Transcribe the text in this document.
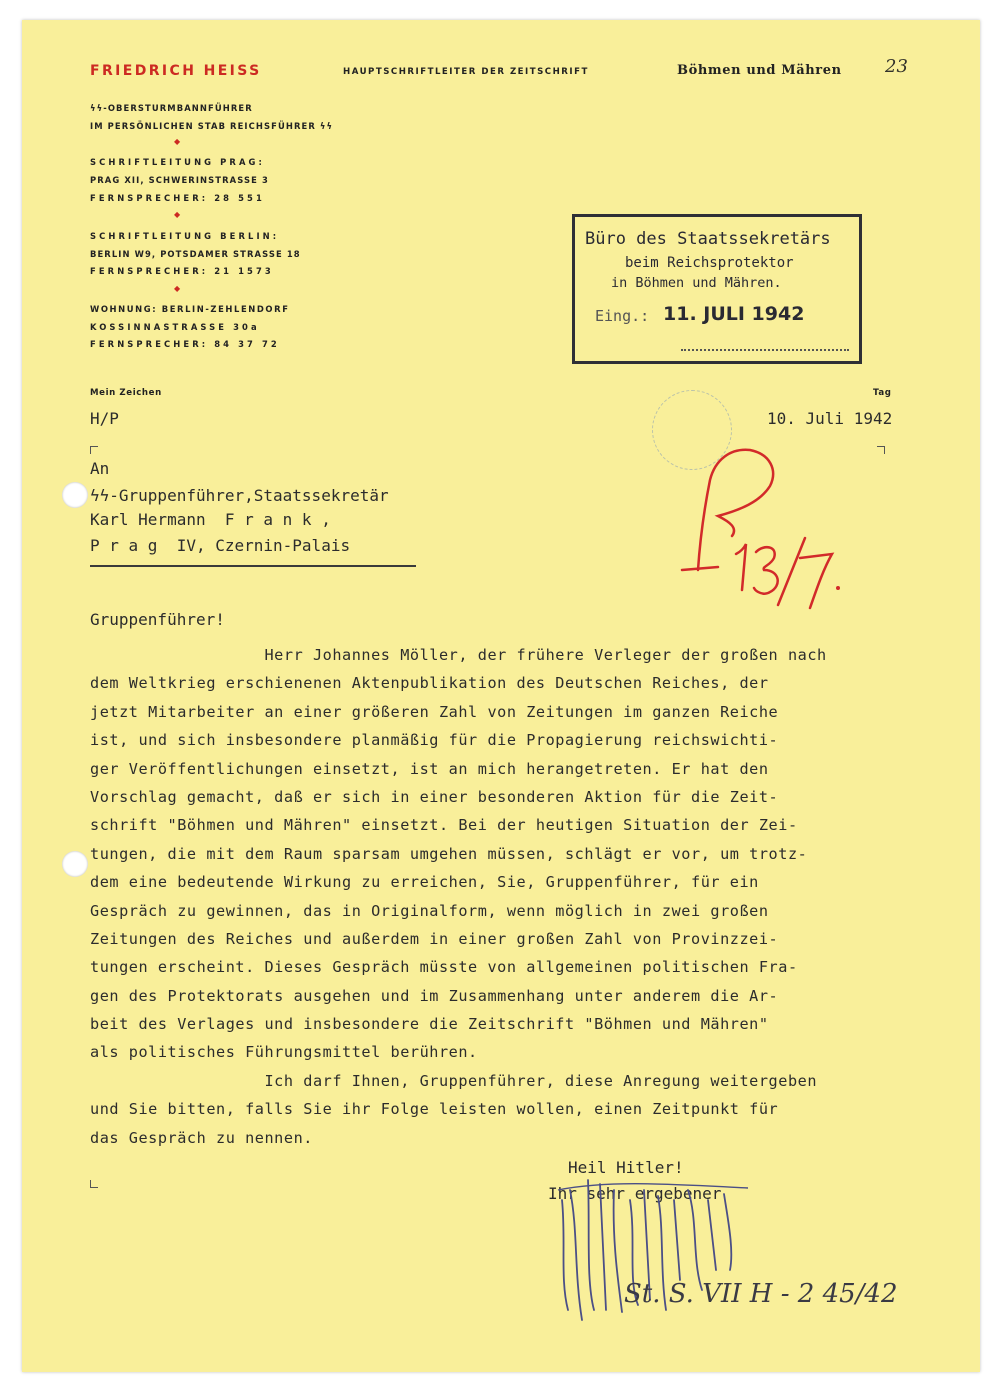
FRIEDRICH HEISS	HAUPTSCHRIFTLEITER DER ZEITSCHRIFT	Böhmen und Mähren 23
ϟϟ-OBERSTURMBANNFÜHRER
IM PERSÖNLICHEN STAB REICHSFÜHRER ϟϟ
◆
SCHRIFTLEITUNG PRAG:
PRAG XII, SCHWERINSTRASSE 3
FERNSPRECHER: 28 551
◆
SCHRIFTLEITUNG BERLIN:
BERLIN W9, POTSDAMER STRASSE 18
FERNSPRECHER: 21 1573
◆
WOHNUNG: BERLIN-ZEHLENDORF
KOSSINNASTRASSE 30a
FERNSPRECHER: 84 37 72
Büro des Staatssekretärs
beim Reichsprotektor
in Böhmen und Mähren.
Eing.: 11. JULI 1942
Mein Zeichen
H/P
Tag
10. Juli 1942
An
ϟϟ-Gruppenführer,Staatssekretär
Karl Hermann  F r a n k ,
P r a g  IV, Czernin-Palais
Gruppenführer!
Herr Johannes Möller, der frühere Verleger der großen nach
dem Weltkrieg erschienenen Aktenpublikation des Deutschen Reiches, der
jetzt Mitarbeiter an einer größeren Zahl von Zeitungen im ganzen Reiche
ist, und sich insbesondere planmäßig für die Propagierung reichswichti-
ger Veröffentlichungen einsetzt, ist an mich herangetreten. Er hat den
Vorschlag gemacht, daß er sich in einer besonderen Aktion für die Zeit-
schrift "Böhmen und Mähren" einsetzt. Bei der heutigen Situation der Zei-
tungen, die mit dem Raum sparsam umgehen müssen, schlägt er vor, um trotz-
dem eine bedeutende Wirkung zu erreichen, Sie, Gruppenführer, für ein
Gespräch zu gewinnen, das in Originalform, wenn möglich in zwei großen
Zeitungen des Reiches und außerdem in einer großen Zahl von Provinzzei-
tungen erscheint. Dieses Gespräch müsste von allgemeinen politischen Fra-
gen des Protektorats ausgehen und im Zusammenhang unter anderem die Ar-
beit des Verlages und insbesondere die Zeitschrift "Böhmen und Mähren"
als politisches Führungsmittel berühren.
Ich darf Ihnen, Gruppenführer, diese Anregung weitergeben
und Sie bitten, falls Sie ihr Folge leisten wollen, einen Zeitpunkt für
das Gespräch zu nennen.
Heil Hitler!
Ihr sehr ergebener
St. S. VII H - 2 45/42
